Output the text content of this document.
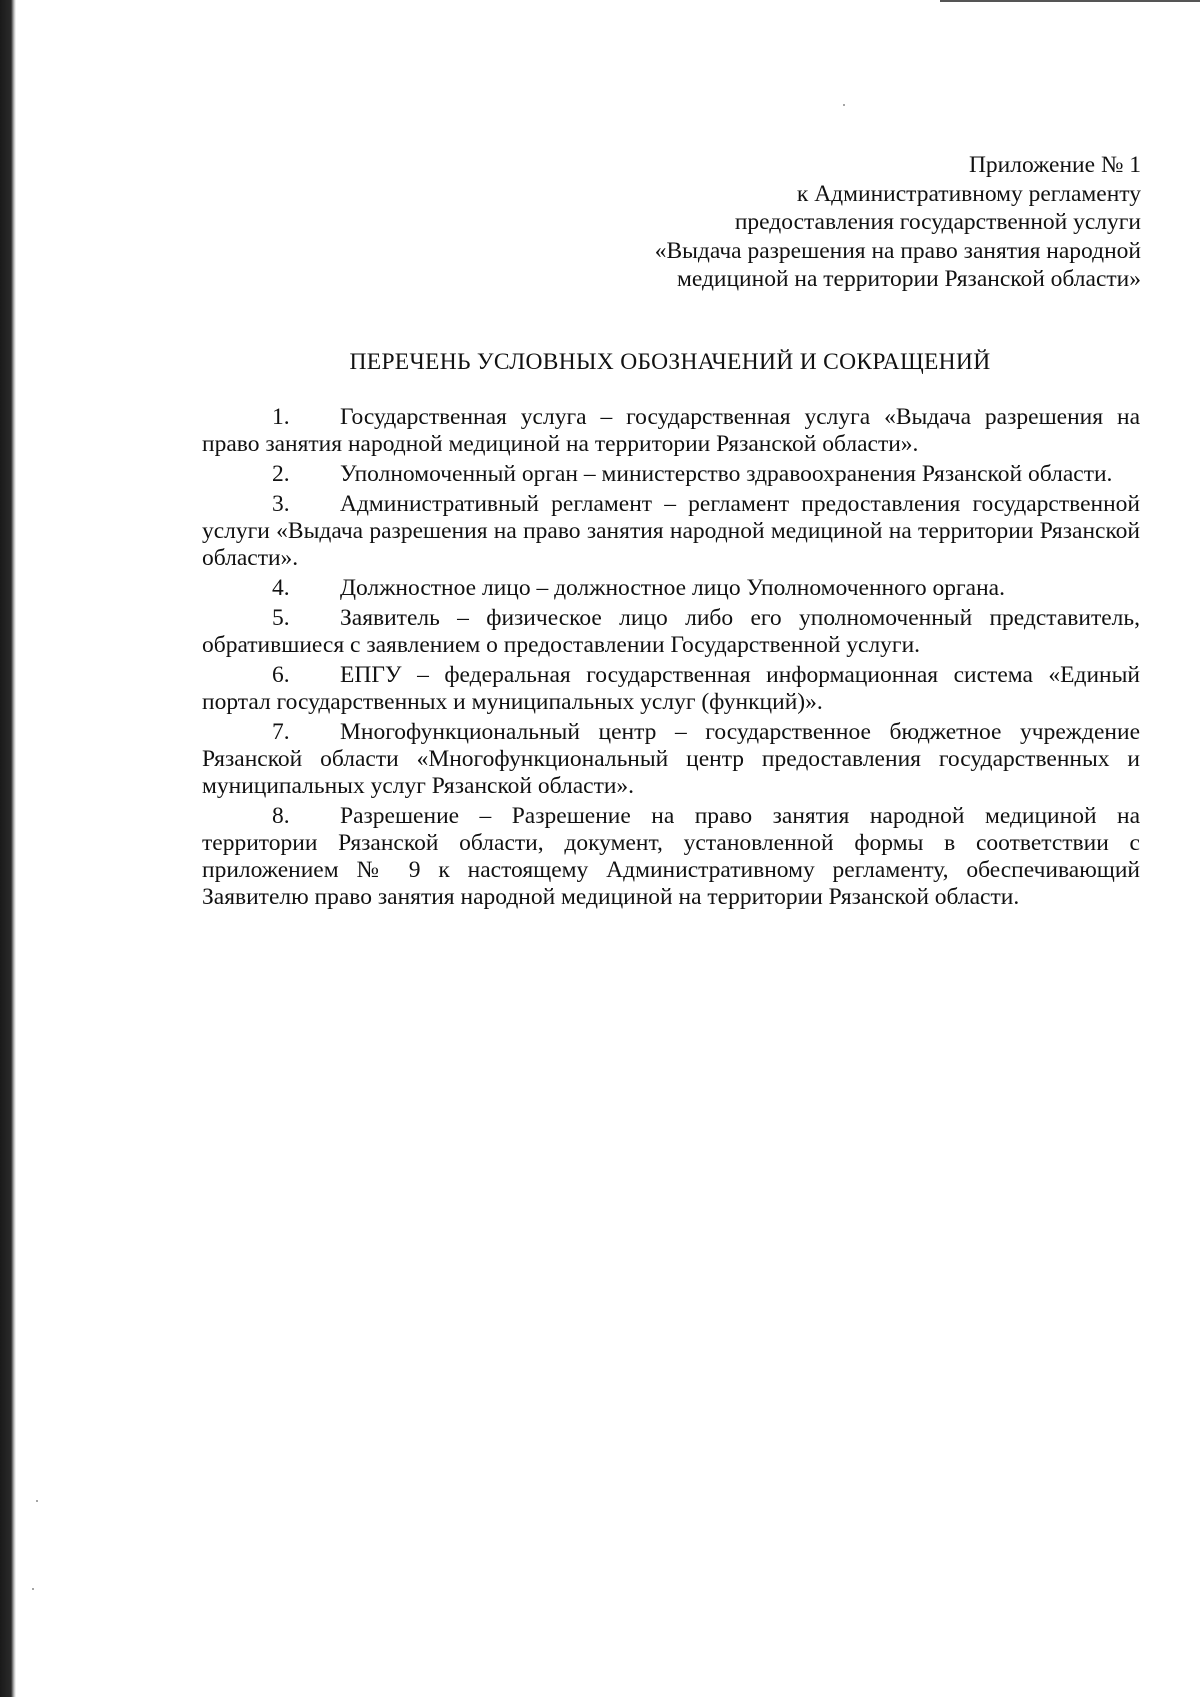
Приложение № 1
к Административному регламенту
предоставления государственной услуги
«Выдача разрешения на право занятия народной
медициной на территории Рязанской области»
ПЕРЕЧЕНЬ УСЛОВНЫХ ОБОЗНАЧЕНИЙ И СОКРАЩЕНИЙ
1. Государственная услуга – государственная услуга «Выдача разрешения на право занятия народной медициной на территории Рязанской области».
2. Уполномоченный орган – министерство здравоохранения Рязанской области.
3. Административный регламент – регламент предоставления государственной услуги «Выдача разрешения на право занятия народной медициной на территории Рязанской области».
4. Должностное лицо – должностное лицо Уполномоченного органа.
5. Заявитель – физическое лицо либо его уполномоченный представитель, обратившиеся с заявлением о предоставлении Государственной услуги.
6. ЕПГУ – федеральная государственная информационная система «Единый портал государственных и муниципальных услуг (функций)».
7. Многофункциональный центр – государственное бюджетное учреждение Рязанской области «Многофункциональный центр предоставления государственных и муниципальных услуг Рязанской области».
8. Разрешение – Разрешение на право занятия народной медициной на территории Рязанской области, документ, установленной формы в соответствии с приложением № 9 к настоящему Административному регламенту, обеспечивающий Заявителю право занятия народной медициной на территории Рязанской области.
